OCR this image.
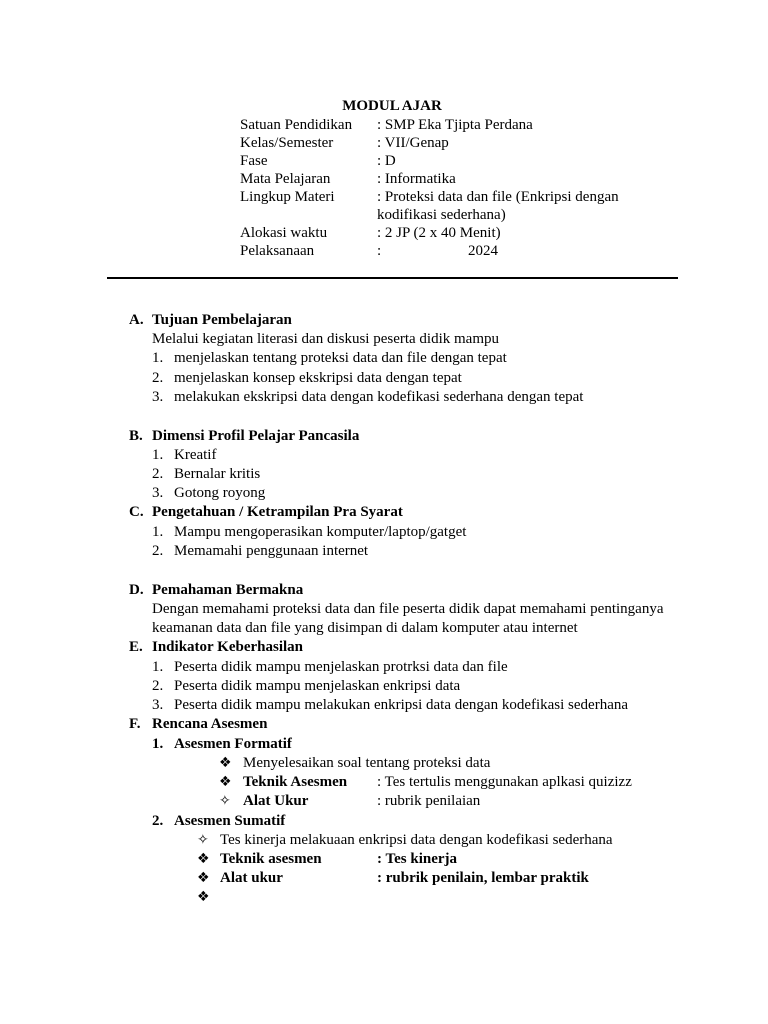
MODUL AJAR
Satuan Pendidikan : SMP Eka Tjipta Perdana
Kelas/Semester	: VII/Genap
Fase	: D
Mata Pelajaran	: Informatika
Lingkup Materi	: Proteksi data dan file (Enkripsi dengan
kodifikasi sederhana)
Alokasi waktu	: 2 JP (2 x 40 Menit)
Pelaksanaan	:	2024
A. Tujuan Pembelajaran
Melalui kegiatan literasi dan diskusi peserta didik mampu
1. menjelaskan tentang proteksi data dan file dengan tepat
2. menjelaskan konsep ekskripsi data dengan tepat
3. melakukan ekskripsi data dengan kodefikasi sederhana dengan tepat
B. Dimensi Profil Pelajar Pancasila
1. Kreatif
2. Bernalar kritis
3. Gotong royong
C. Pengetahuan / Ketrampilan Pra Syarat
1. Mampu mengoperasikan komputer/laptop/gatget
2. Memamahi penggunaan internet
D. Pemahaman Bermakna
Dengan memahami proteksi data dan file peserta didik dapat memahami pentinganya
keamanan data dan file yang disimpan di dalam komputer atau internet
E. Indikator Keberhasilan
1. Peserta didik mampu menjelaskan protrksi data dan file
2. Peserta didik mampu menjelaskan enkripsi data
3. Peserta didik mampu melakukan enkripsi data dengan kodefikasi sederhana
F. Rencana Asesmen
1. Asesmen Formatif
❖ Menyelesaikan soal tentang proteksi data
❖ Teknik Asesmen : Tes tertulis menggunakan aplkasi quizizz
✧ Alat Ukur	: rubrik penilaian
2. Asesmen Sumatif
✧ Tes kinerja melakuaan enkripsi data dengan kodefikasi sederhana
❖ Teknik asesmen	: Tes kinerja
❖ Alat ukur	: rubrik penilain, lembar praktik
❖
